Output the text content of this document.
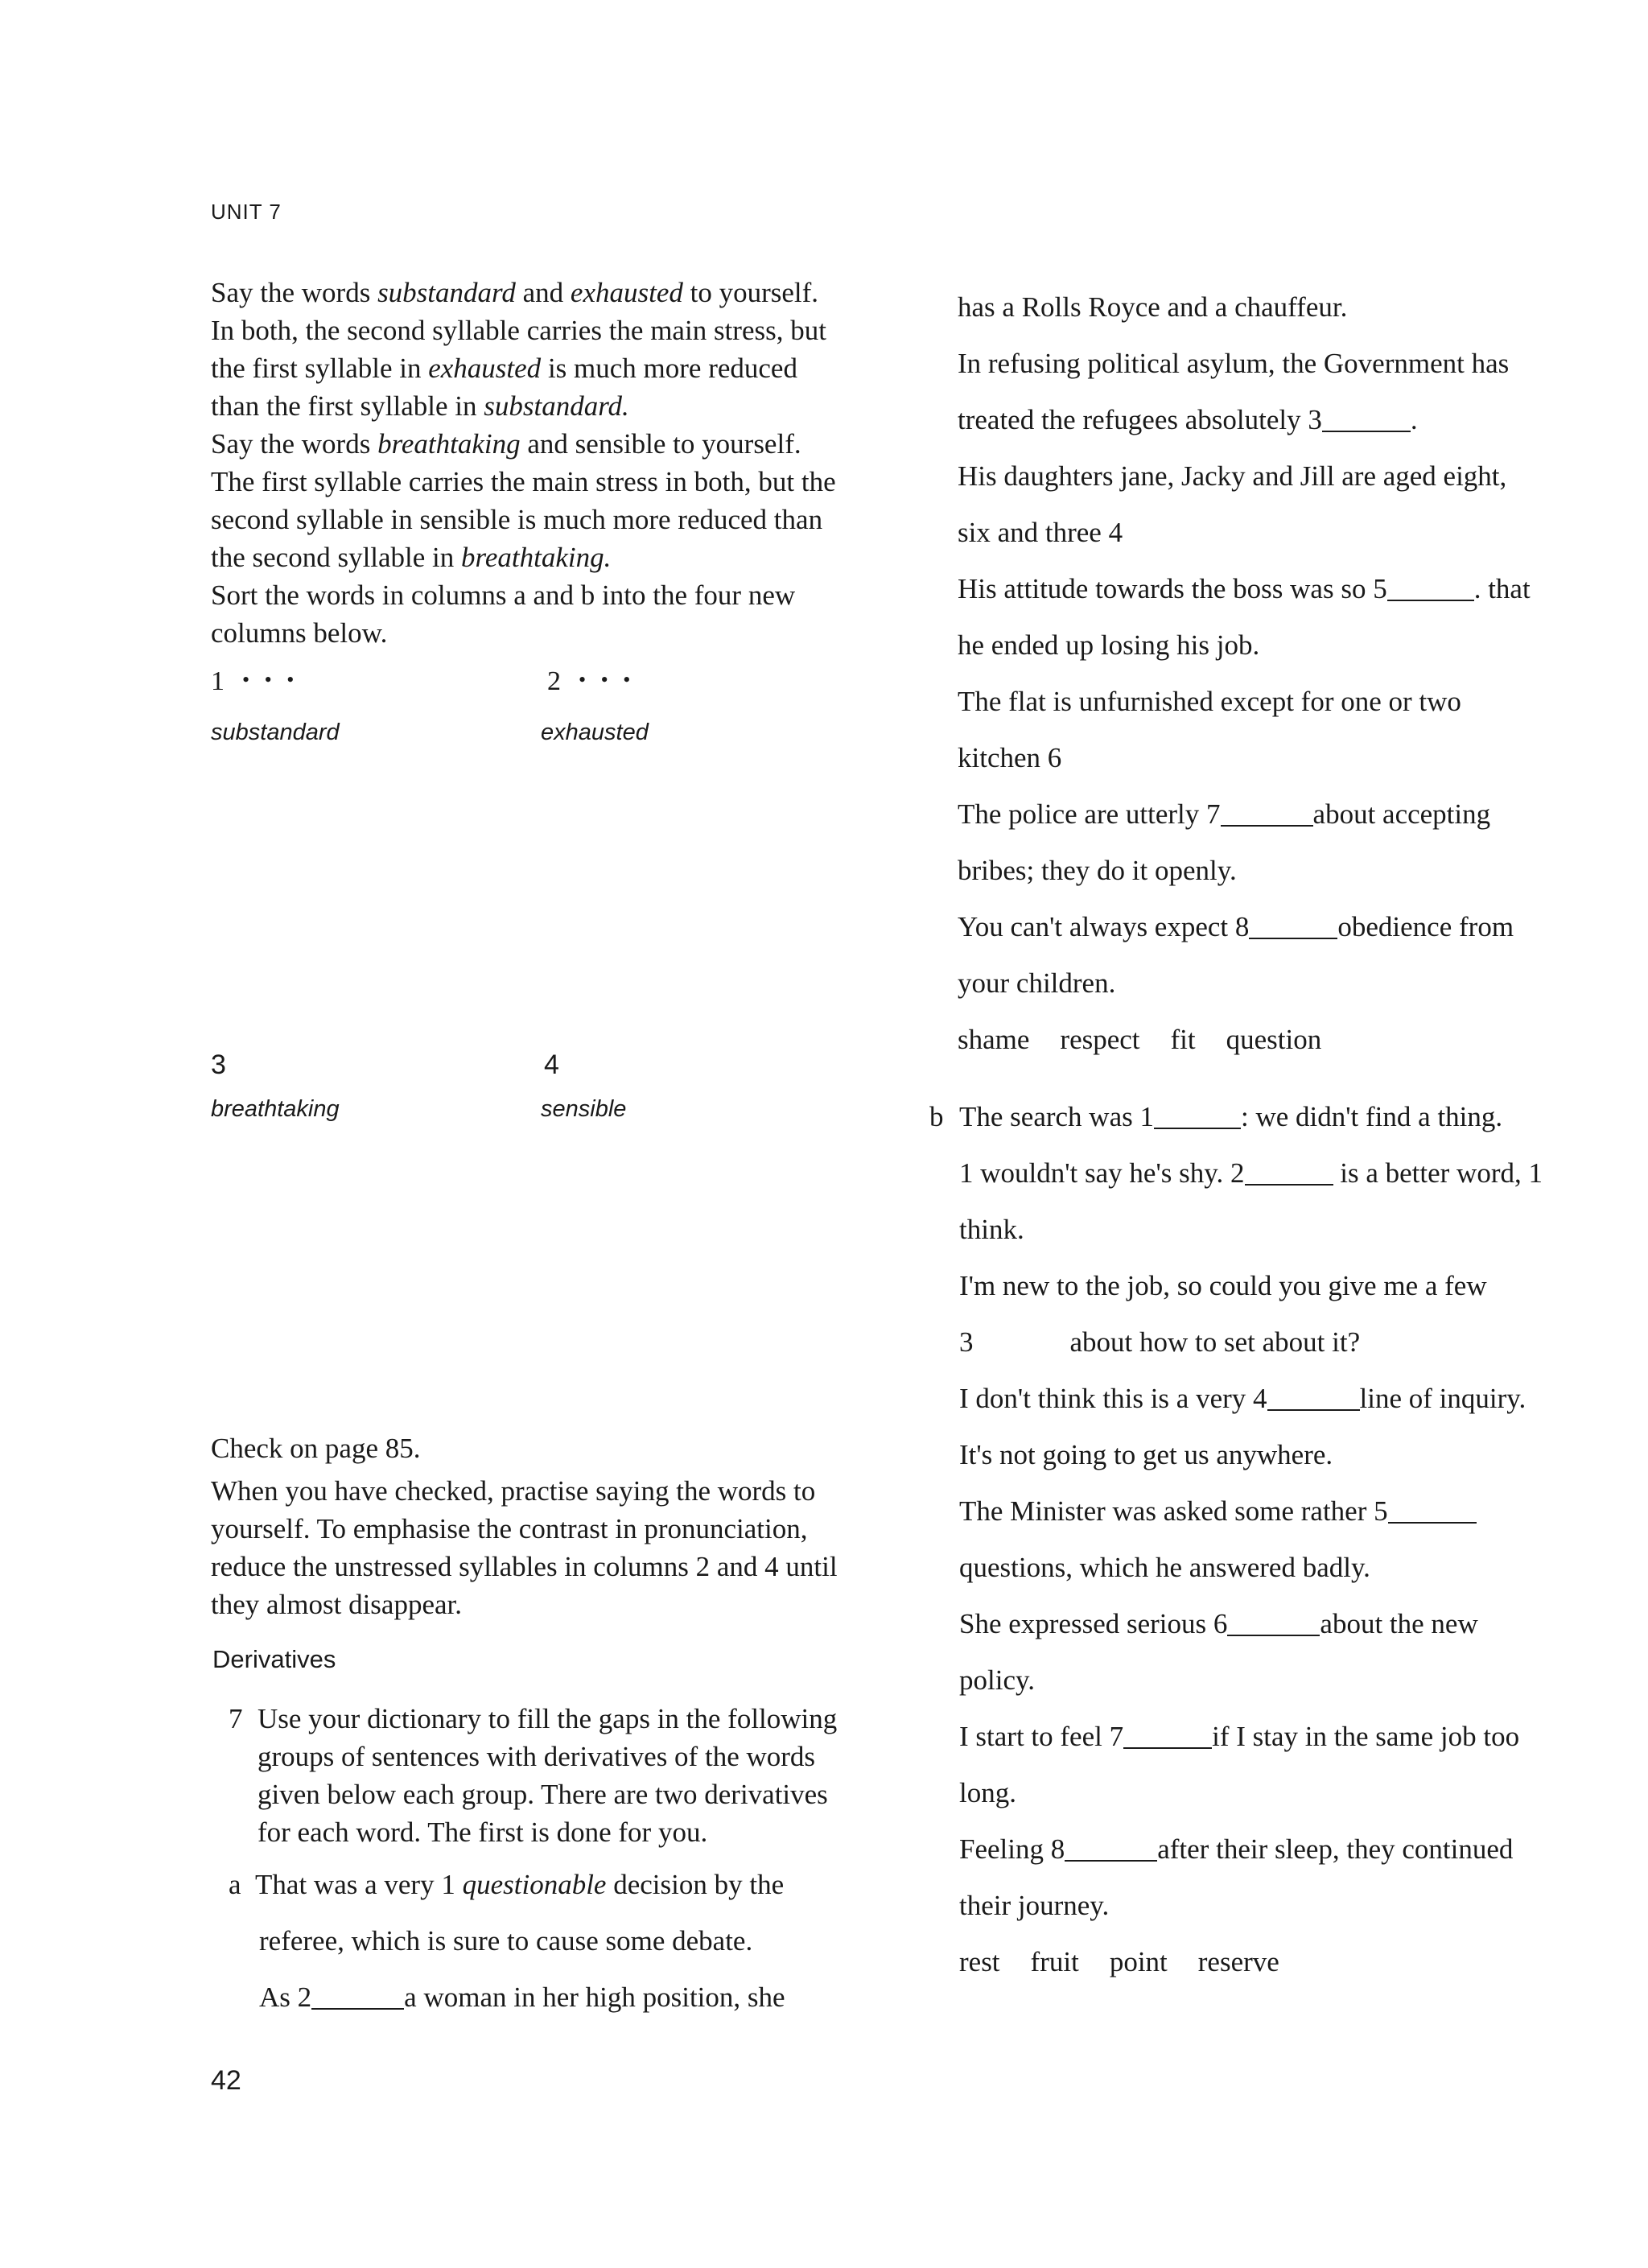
UNIT 7

Say the words substandard and exhausted to yourself. In both, the second syllable carries the main stress, but the first syllable in exhausted is much more reduced than the first syllable in substandard.

Say the words breathtaking and sensible to yourself. The first syllable carries the main stress in both, but the second syllable in sensible is much more reduced than the second syllable in breathtaking.

Sort the words in columns a and b into the four new columns below.

1 • • •	2 • • •
substandard	exhausted
3	4
breathtaking	sensible

Check on page 85.

When you have checked, practise saying the words to yourself. To emphasise the contrast in pronunciation, reduce the unstressed syllables in columns 2 and 4 until they almost disappear.

Derivatives
7 Use your dictionary to fill the gaps in the following groups of sentences with derivatives of the words given below each group. There are two derivatives for each word. The first is done for you.
a That was a very 1 questionable decision by the
referee, which is sure to cause some debate.
As 2	a woman in her high position, she
has a Rolls Royce and a chauffeur.
In refusing political asylum, the Government has
treated the refugees absolutely 3	.
His daughters jane, Jacky and Jill are aged eight,
six and three 4
His attitude towards the boss was so 5	. that
he ended up losing his job.
The flat is unfurnished except for one or two
kitchen 6
The police are utterly 7	about accepting
bribes; they do it openly.
You can't always expect 8	obedience from
your children.
shame respect fit question
b The search was 1	: we didn't find a thing.
1 wouldn't say he's shy. 2	is a better word, 1
think.
I'm new to the job, so could you give me a few
3	about how to set about it?
I don't think this is a very 4	line of inquiry.
It's not going to get us anywhere.
The Minister was asked some rather 5
questions, which he answered badly.
She expressed serious 6	about the new
policy.
I start to feel 7	if I stay in the same job too
long.
Feeling 8	after their sleep, they continued
their journey.
rest fruit point reserve
42
